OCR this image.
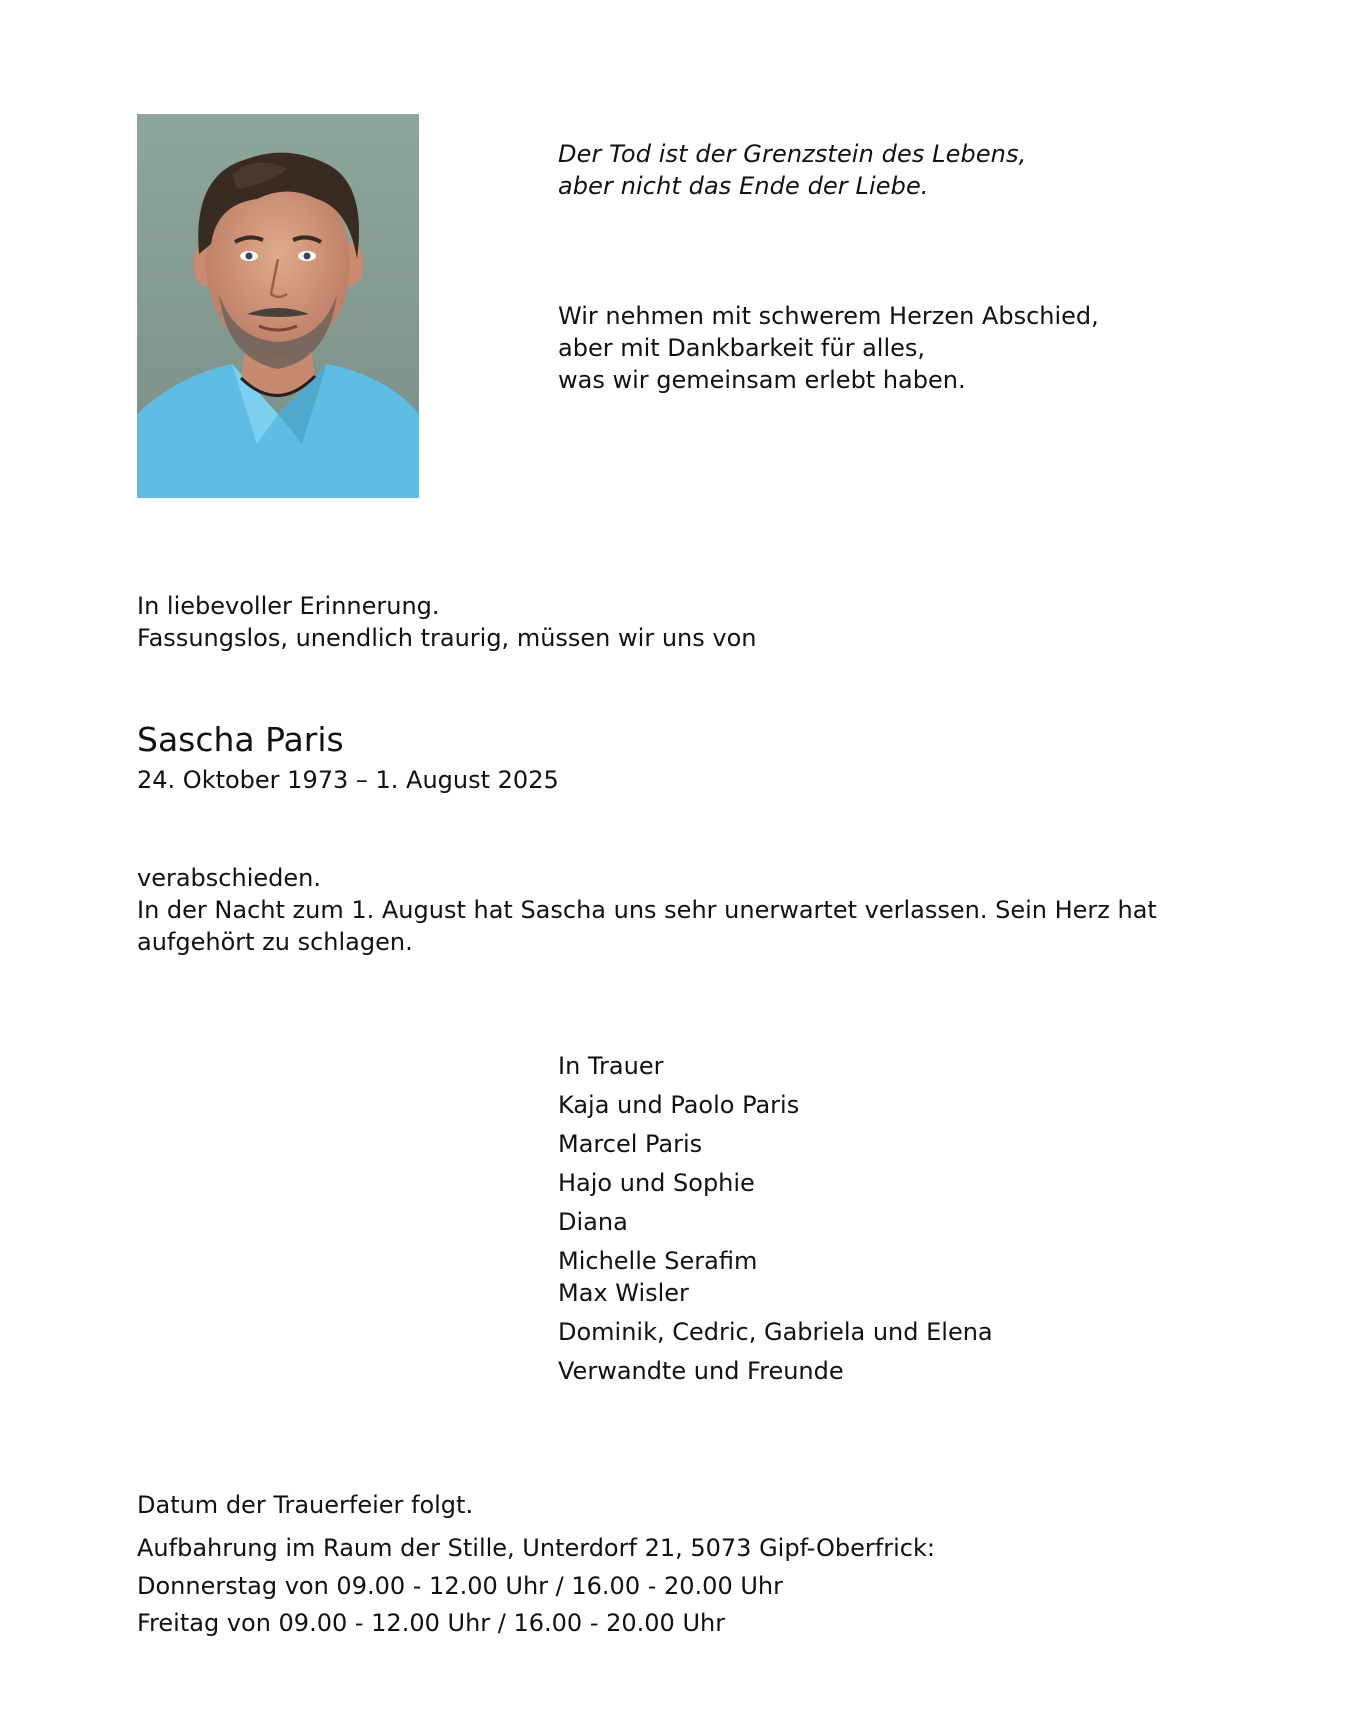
Der Tod ist der Grenzstein des Lebens,
aber nicht das Ende der Liebe.
Wir nehmen mit schwerem Herzen Abschied,
aber mit Dankbarkeit für alles,
was wir gemeinsam erlebt haben.
In liebevoller Erinnerung.
Fassungslos, unendlich traurig, müssen wir uns von
Sascha Paris
24. Oktober 1973 – 1. August 2025
verabschieden.
In der Nacht zum 1. August hat Sascha uns sehr unerwartet verlassen. Sein Herz hat
aufgehört zu schlagen.
In Trauer
Kaja und Paolo Paris
Marcel Paris
Hajo und Sophie
Diana
Michelle Serafim
Max Wisler
Dominik, Cedric, Gabriela und Elena
Verwandte und Freunde
Datum der Trauerfeier folgt.
Aufbahrung im Raum der Stille, Unterdorf 21, 5073 Gipf-Oberfrick:
Donnerstag von 09.00 - 12.00 Uhr / 16.00 - 20.00 Uhr
Freitag von 09.00 - 12.00 Uhr / 16.00 - 20.00 Uhr
